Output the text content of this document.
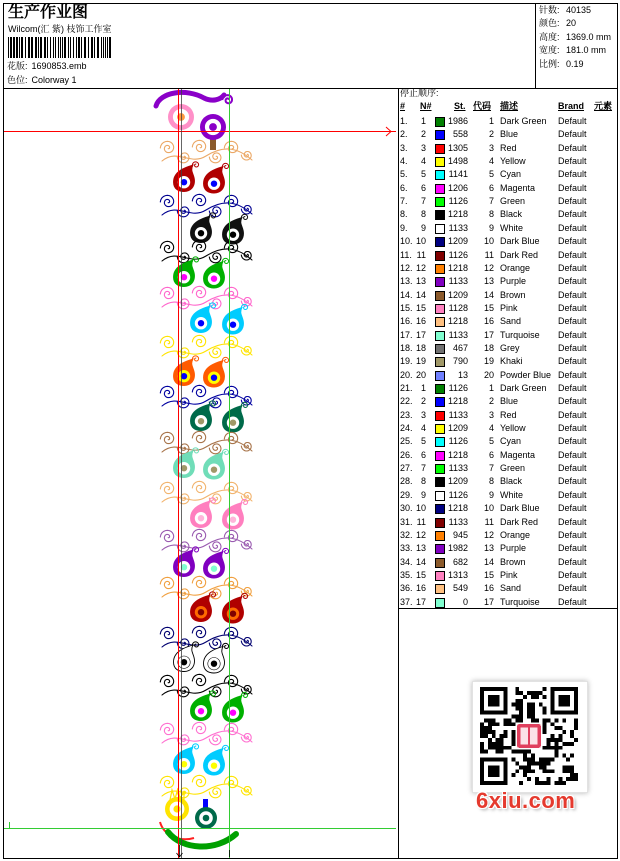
生产作业图
Wilcom(汇 紫) 枝饰工作室
花版: 1690853.emb
色位: Colorway 1
针数: 40135
颜色: 20
高度: 1369.0 mm
宽度: 181.0 mm
比例: 0.19
停止顺序:
# N# St. 代码 描述	Brand 元素
1.	1	1986	1 Dark Green Default
2.	2	558	2 Blue	Default
3.	3	1305	3 Red	Default
4.	4	1498	4 Yellow	Default
5.	5	1141	5 Cyan	Default
6.	6	1206	6 Magenta	Default
7.	7	1126	7 Green	Default
8.	8	1218	8 Black	Default
9.	9	1133	9 White	Default
10. 10	1209	10 Dark Blue Default
11. 11	1126	11 Dark Red Default
12. 12	1218	12 Orange	Default
13. 13	1133	13 Purple	Default
14. 14	1209	14 Brown	Default
15. 15	1128	15 Pink	Default
16. 16	1218	16 Sand	Default
17. 17	1133	17 Turquoise Default
18. 18	467	18 Grey	Default
19. 19	790	19 Khaki	Default
20. 20	13	20 Powder Blue Default
21. 1	1126	1 Dark Green Default
22. 2	1218	2 Blue	Default
23. 3	1133	3 Red	Default
24. 4	1209	4 Yellow	Default
25. 5	1126	5 Cyan	Default
26. 6	1218	6 Magenta	Default
27. 7	1133	7 Green	Default
28. 8	1209	8 Black	Default
29. 9	1126	9 White	Default
30. 10	1218	10 Dark Blue Default
31. 11	1133	11 Dark Red Default
32. 12	945	12 Orange	Default
33. 13	1982	13 Purple	Default
34. 14	682	14 Brown	Default
35. 15	1313	15 Pink	Default
36. 16	549	16 Sand	Default
37. 17	0	17 Turquoise Default
6xiu.com
